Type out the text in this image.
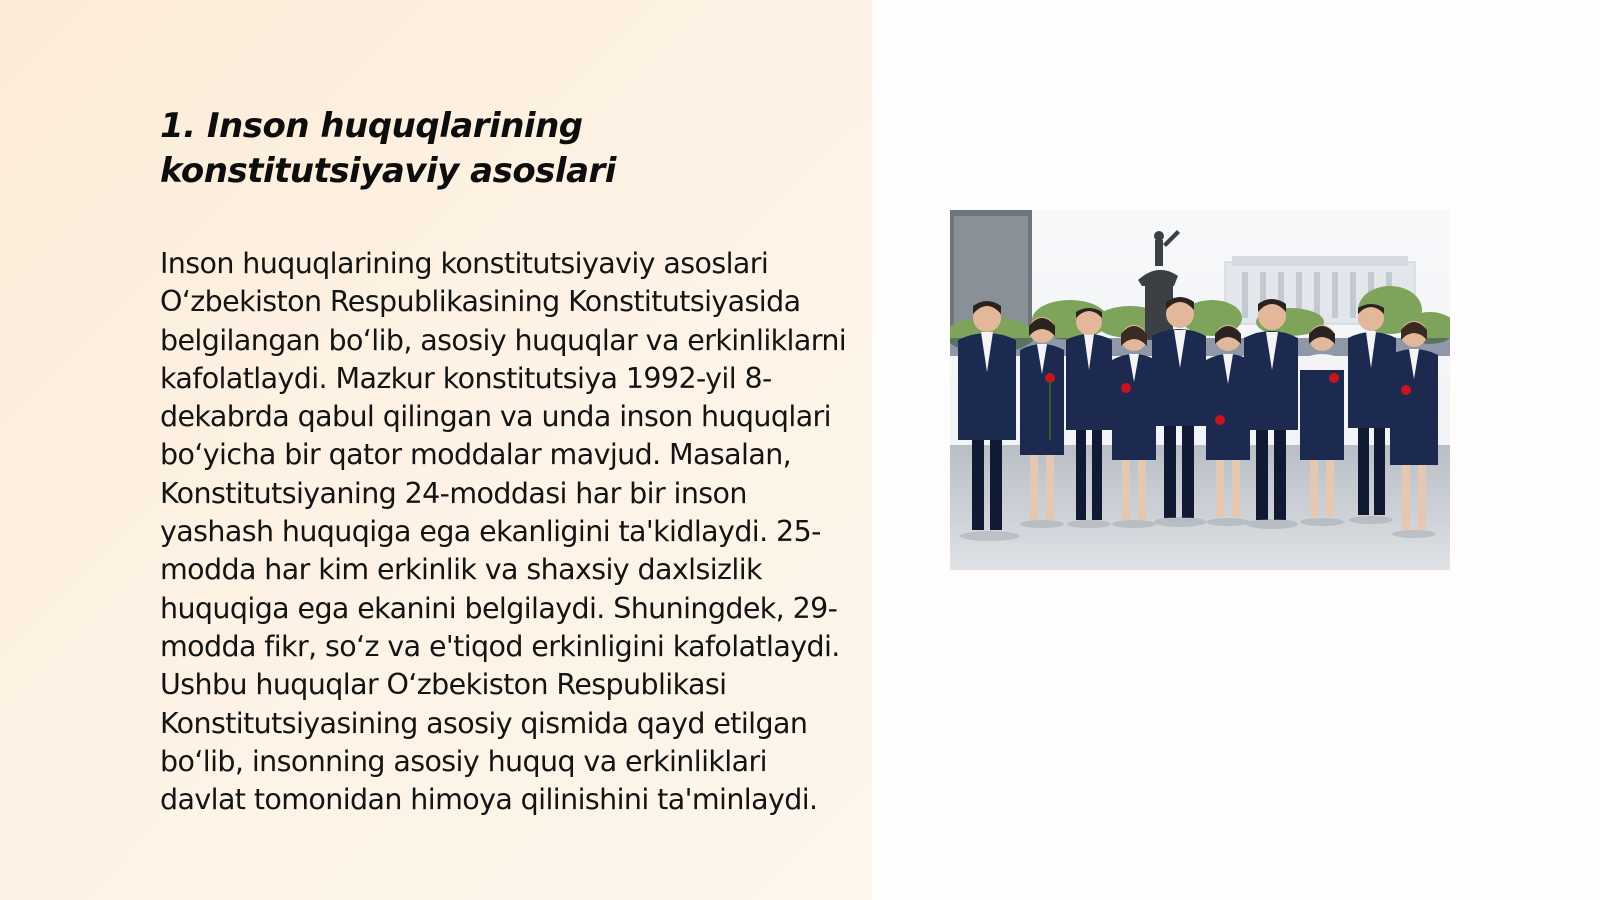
1. Inson huquqlarining
konstitutsiyaviy asoslari

Inson huquqlarining konstitutsiyaviy asoslari O‘zbekiston Respublikasining Konstitutsiyasida belgilangan bo‘lib, asosiy huquqlar va erkinliklarni kafolatlaydi. Mazkur konstitutsiya 1992-yil 8-dekabrda qabul qilingan va unda inson huquqlari bo‘yicha bir qator moddalar mavjud. Masalan, Konstitutsiyaning 24-moddasi har bir inson yashash huquqiga ega ekanligini ta'kidlaydi. 25-modda har kim erkinlik va shaxsiy daxlsizlik huquqiga ega ekanini belgilaydi. Shuningdek, 29-modda fikr, so‘z va e'tiqod erkinligini kafolatlaydi. Ushbu huquqlar O‘zbekiston Respublikasi Konstitutsiyasining asosiy qismida qayd etilgan bo‘lib, insonning asosiy huquq va erkinliklari davlat tomonidan himoya qilinishini ta'minlaydi.
